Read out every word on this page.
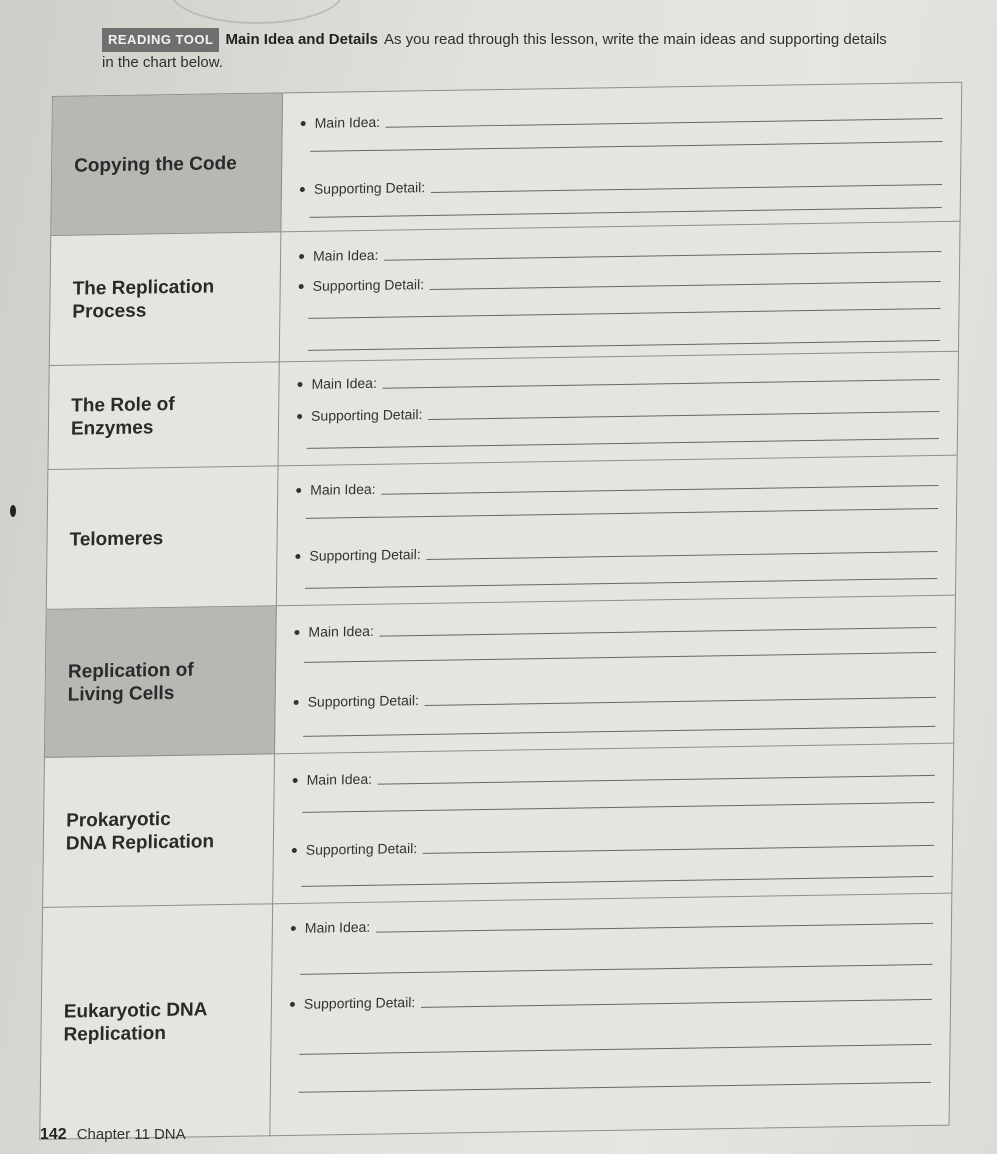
READING TOOL Main Idea and Details As you read through this lesson, write the main ideas and supporting details in the chart below.
Copying the Code
Main Idea:
Supporting Detail:
The Replication
Process
Main Idea:
Supporting Detail:
The Role of
Enzymes
Main Idea:
Supporting Detail:
Telomeres
Main Idea:
Supporting Detail:
Replication of
Living Cells
Main Idea:
Supporting Detail:
Prokaryotic
DNA Replication
Main Idea:
Supporting Detail:
Eukaryotic DNA
Replication
Main Idea:
Supporting Detail:
142 Chapter 11 DNA
